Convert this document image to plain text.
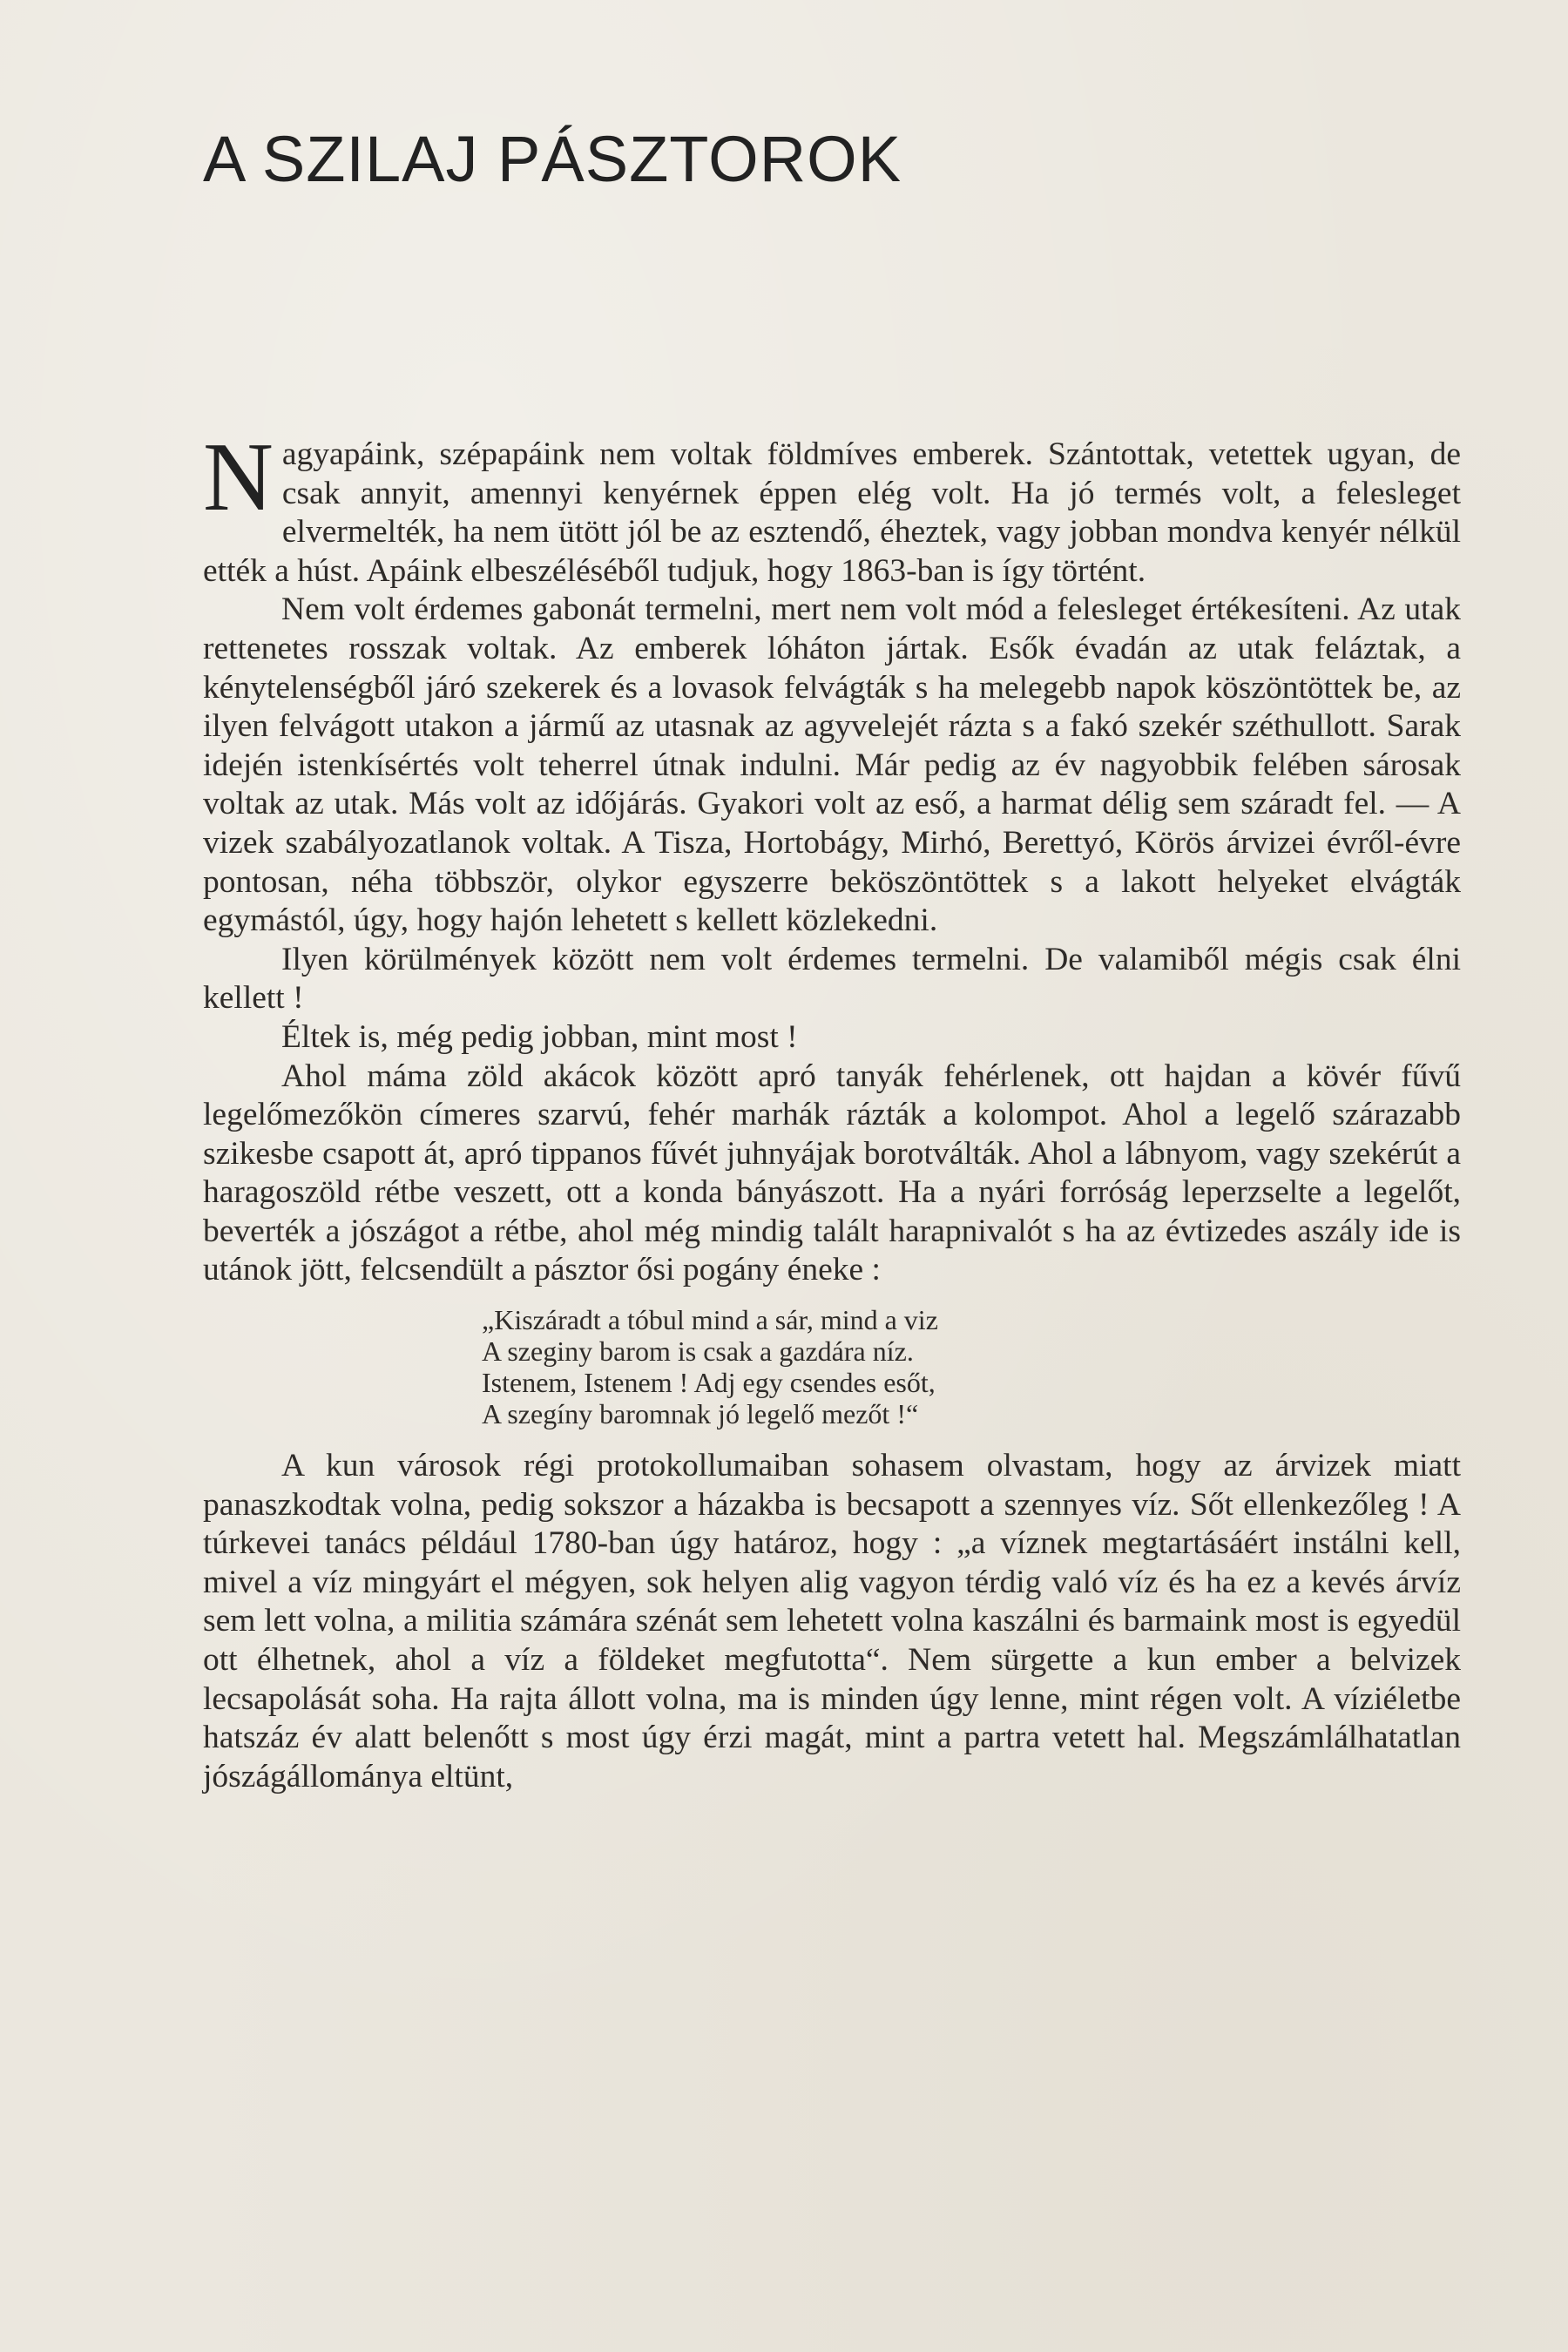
A SZILAJ PÁSZTOROK

Nagyapáink, szépapáink nem voltak földmíves emberek. Szántottak, vetettek ugyan, de csak annyit, amennyi kenyérnek éppen elég volt. Ha jó termés volt, a felesleget elvermelték, ha nem ütött jól be az esztendő, éheztek, vagy jobban mondva kenyér nélkül ették a húst. Apáink elbeszéléséből tudjuk, hogy 1863-ban is így történt.

Nem volt érdemes gabonát termelni, mert nem volt mód a felesleget értékesíteni. Az utak rettenetes rosszak voltak. Az emberek lóháton jártak. Esők évadán az utak feláztak, a kénytelenségből járó szekerek és a lovasok felvágták s ha melegebb napok köszöntöttek be, az ilyen felvágott utakon a jármű az utasnak az agyvelejét rázta s a fakó szekér széthullott. Sarak idején istenkísértés volt teherrel útnak indulni. Már pedig az év nagyobbik felében sárosak voltak az utak. Más volt az időjárás. Gyakori volt az eső, a harmat délig sem száradt fel. — A vizek szabályozatlanok voltak. A Tisza, Hortobágy, Mirhó, Berettyó, Körös árvizei évről-évre pontosan, néha többször, olykor egyszerre beköszöntöttek s a lakott helyeket elvágták egymástól, úgy, hogy hajón lehetett s kellett közlekedni.

Ilyen körülmények között nem volt érdemes termelni. De valamiből mégis csak élni kellett !

Éltek is, még pedig jobban, mint most !

Ahol máma zöld akácok között apró tanyák fehérlenek, ott hajdan a kövér fűvű legelőmezőkön címeres szarvú, fehér marhák rázták a kolompot. Ahol a legelő szárazabb szikesbe csapott át, apró tippanos fűvét juhnyájak borotválták. Ahol a lábnyom, vagy szekérút a haragoszöld rétbe veszett, ott a konda bányászott. Ha a nyári forróság leperzselte a legelőt, beverték a jószágot a rétbe, ahol még mindig talált harapnivalót s ha az évtizedes aszály ide is utánok jött, felcsendült a pásztor ősi pogány éneke :

„Kiszáradt a tóbul mind a sár, mind a viz
A szeginy barom is csak a gazdára níz.
Istenem, Istenem ! Adj egy csendes esőt,
A szegíny baromnak jó legelő mezőt !“

A kun városok régi protokollumaiban sohasem olvastam, hogy az árvizek miatt panaszkodtak volna, pedig sokszor a házakba is becsapott a szennyes víz. Sőt ellenkezőleg ! A túrkevei tanács például 1780-ban úgy határoz, hogy : „a víznek megtartásáért instálni kell, mivel a víz mingyárt el mégyen, sok helyen alig vagyon térdig való víz és ha ez a kevés árvíz sem lett volna, a militia számára szénát sem lehetett volna kaszálni és barmaink most is egyedül ott élhetnek, ahol a víz a földeket megfutotta“. Nem sürgette a kun ember a belvizek lecsapolását soha. Ha rajta állott volna, ma is minden úgy lenne, mint régen volt. A víziéletbe hatszáz év alatt belenőtt s most úgy érzi magát, mint a partra vetett hal. Megszámlálhatatlan jószágállománya eltünt,
